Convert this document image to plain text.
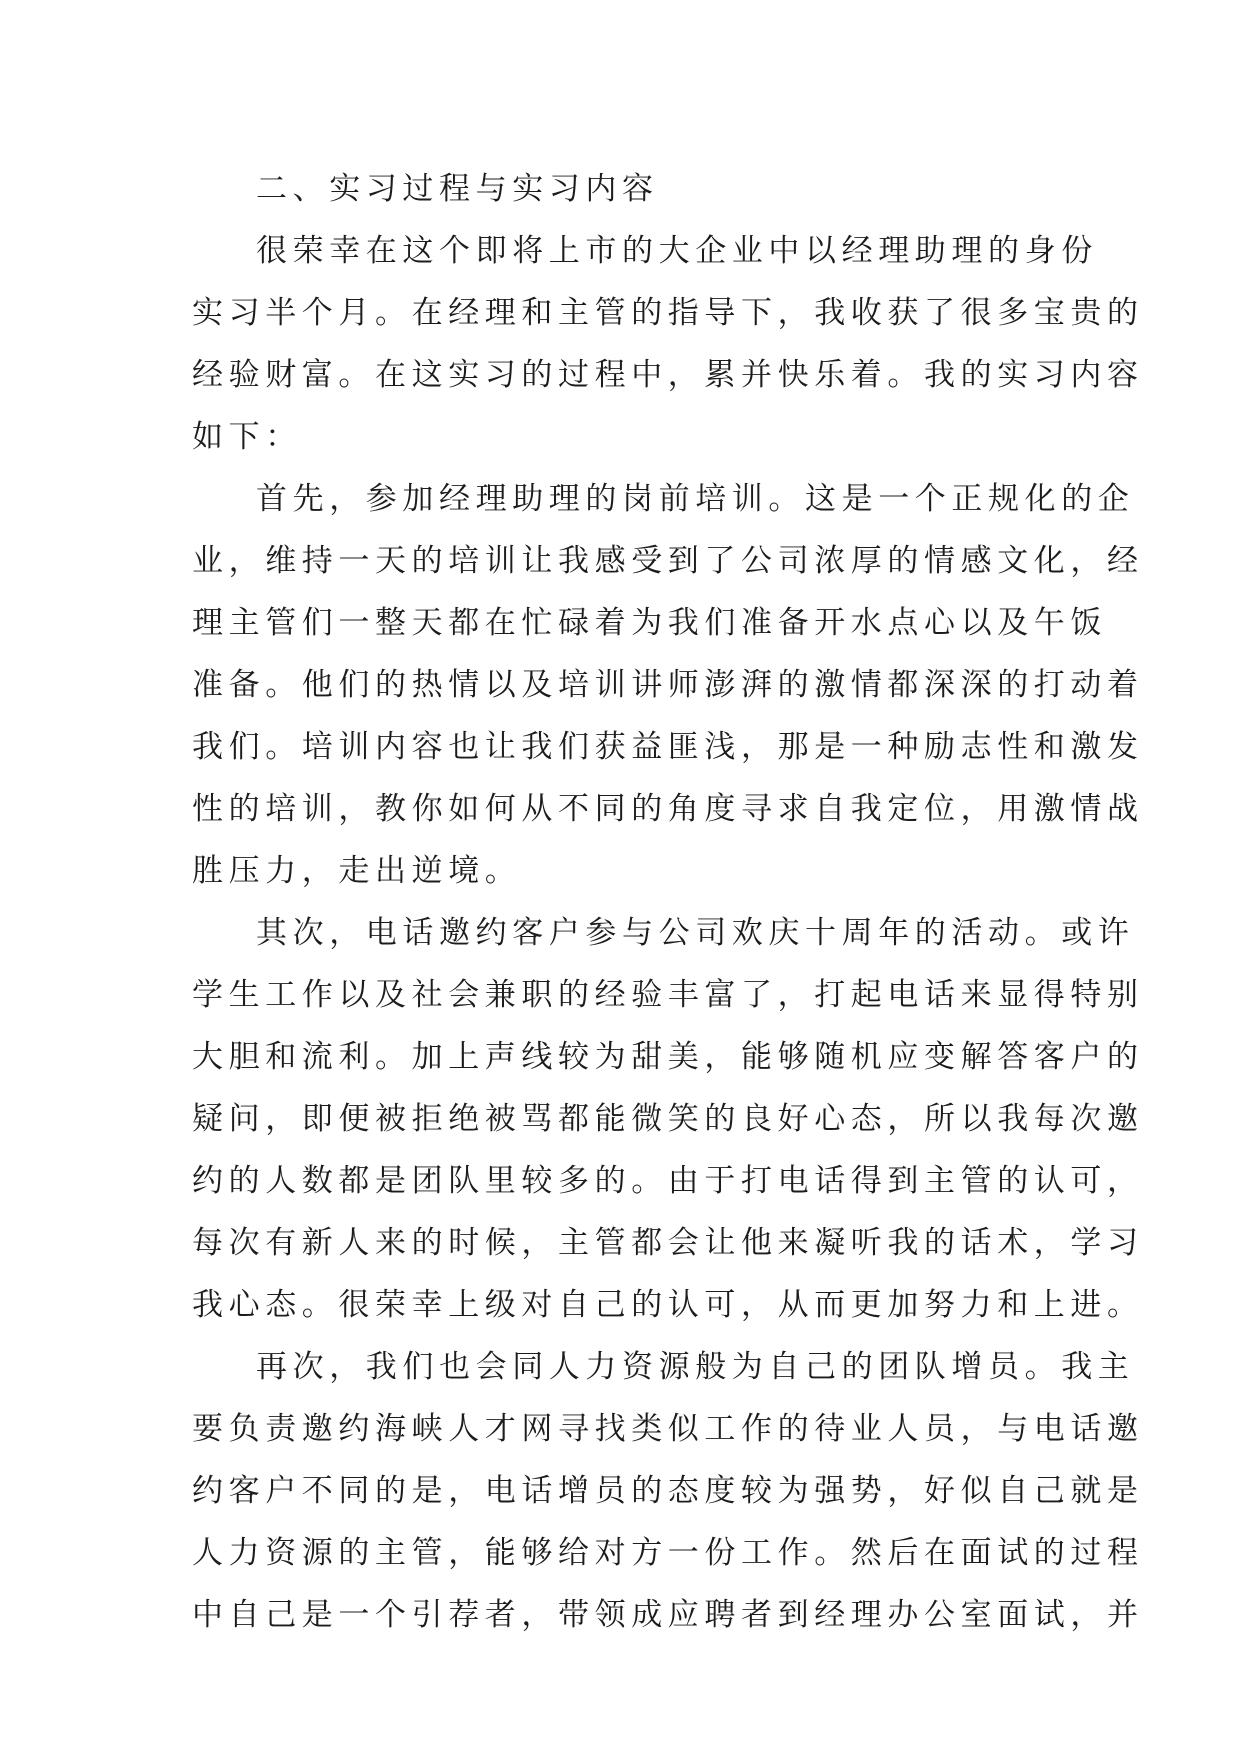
二、实习过程与实习内容
很荣幸在这个即将上市的大企业中以经理助理的身份
实习半个月。在经理和主管的指导下，我收获了很多宝贵的
经验财富。在这实习的过程中，累并快乐着。我的实习内容
如下：
首先，参加经理助理的岗前培训。这是一个正规化的企
业，维持一天的培训让我感受到了公司浓厚的情感文化，经
理主管们一整天都在忙碌着为我们准备开水点心以及午饭
准备。他们的热情以及培训讲师澎湃的激情都深深的打动着
我们。培训内容也让我们获益匪浅，那是一种励志性和激发
性的培训，教你如何从不同的角度寻求自我定位，用激情战
胜压力，走出逆境。
其次，电话邀约客户参与公司欢庆十周年的活动。或许
学生工作以及社会兼职的经验丰富了，打起电话来显得特别
大胆和流利。加上声线较为甜美，能够随机应变解答客户的
疑问，即便被拒绝被骂都能微笑的良好心态，所以我每次邀
约的人数都是团队里较多的。由于打电话得到主管的认可，
每次有新人来的时候，主管都会让他来凝听我的话术，学习
我心态。很荣幸上级对自己的认可，从而更加努力和上进。
再次，我们也会同人力资源般为自己的团队增员。我主
要负责邀约海峡人才网寻找类似工作的待业人员，与电话邀
约客户不同的是，电话增员的态度较为强势，好似自己就是
人力资源的主管，能够给对方一份工作。然后在面试的过程
中自己是一个引荐者，带领成应聘者到经理办公室面试，并
